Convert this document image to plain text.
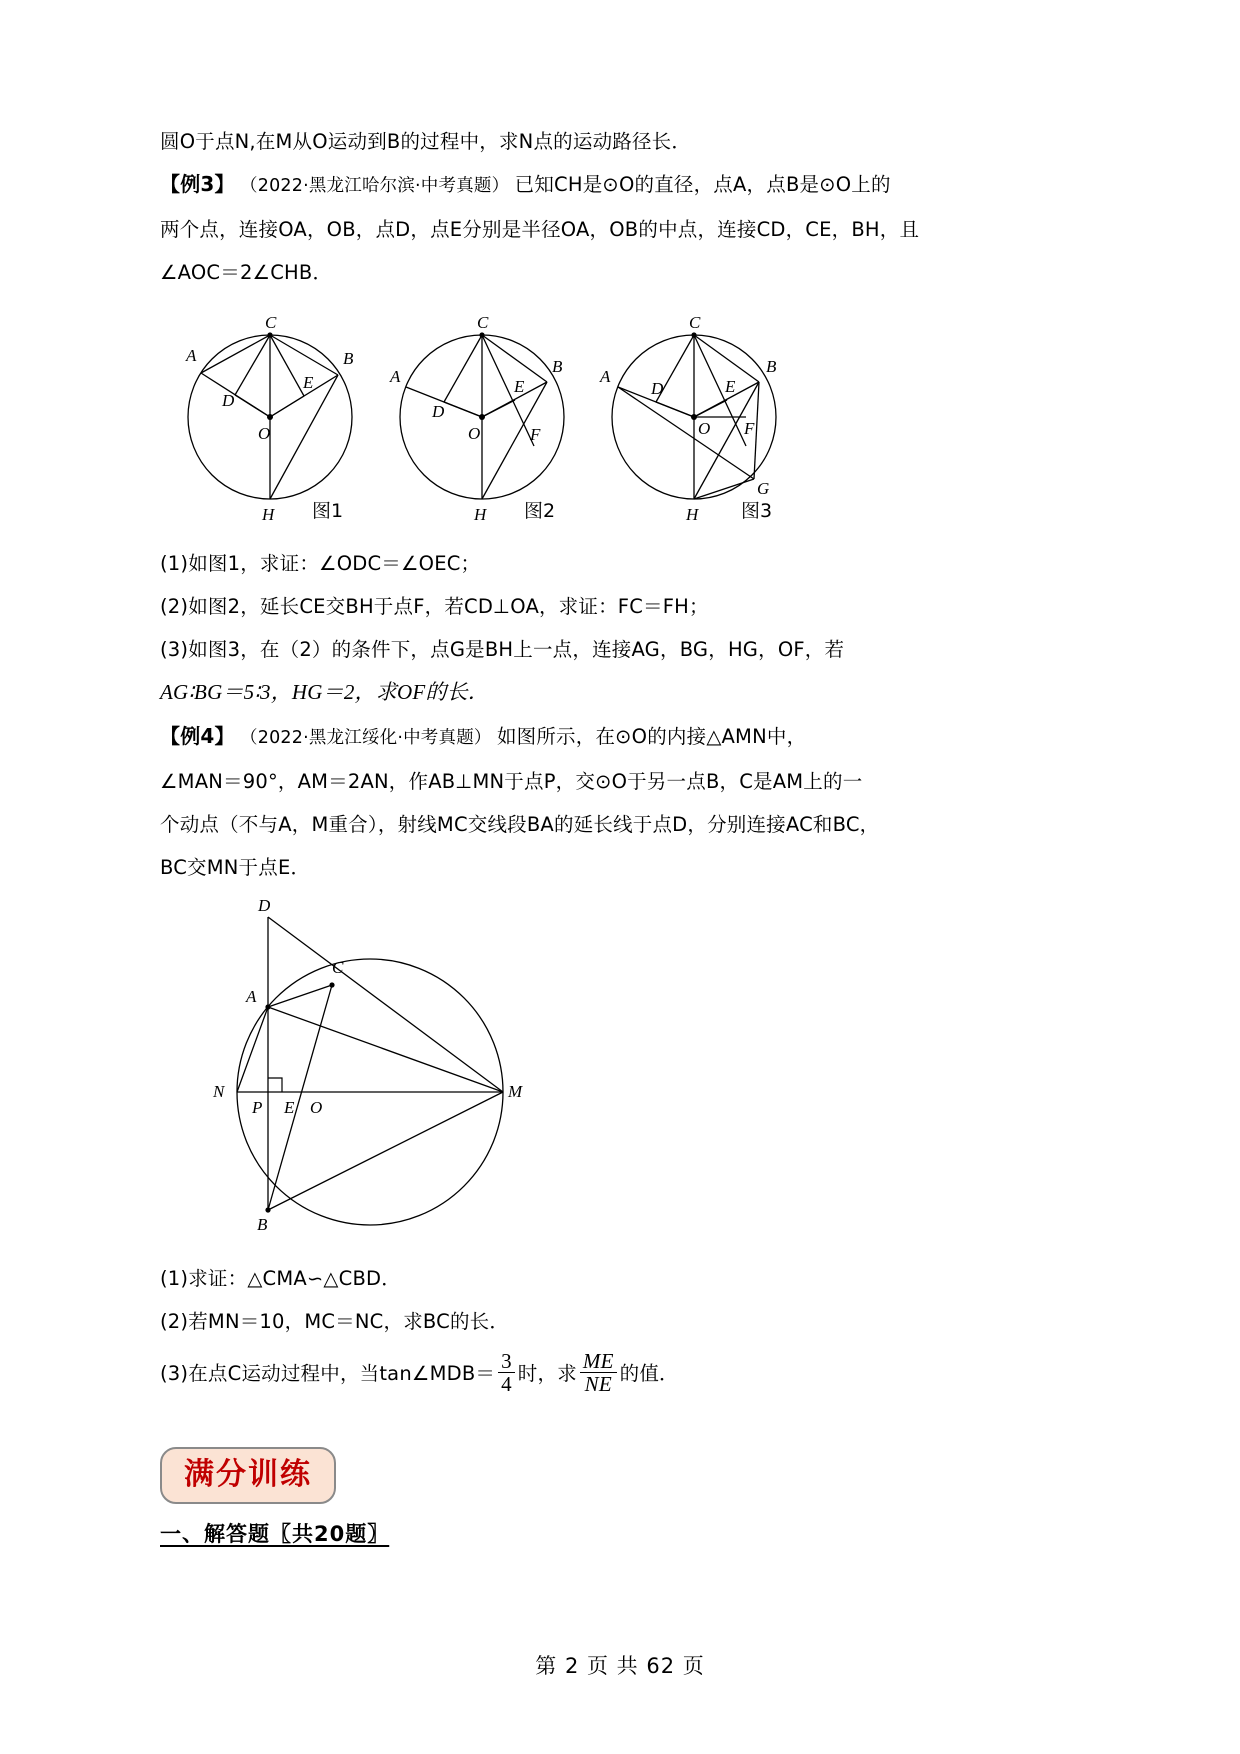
圆O于点N,在M从O运动到B的过程中，求N点的运动路径长．

【例3】 （2022·黑龙江哈尔滨·中考真题） 已知CH是⊙O的直径，点A，点B是⊙O上的

两个点，连接OA，OB，点D，点E分别是半径OA，OB的中点，连接CD，CE，BH，且

∠AOC＝2∠CHB．

C
A	B
D
E
O
H 图1
C
A
B
D
E
O	F
H 图2
C
A
B
D	E
O F
G
H 图3

(1)如图1，求证：∠ODC＝∠OEC；

(2)如图2，延长CE交BH于点F，若CD⊥OA，求证：FC＝FH；

(3)如图3，在（2）的条件下，点G是BH上一点，连接AG，BG，HG，OF，若

AG∶BG＝5∶3，HG＝2，求OF的长．

【例4】 （2022·黑龙江绥化·中考真题） 如图所示，在⊙O的内接△AMN中，

∠MAN＝90°，AM＝2AN，作AB⊥MN于点P，交⊙O于另一点B，C是AM上的一

个动点（不与A，M重合），射线MC交线段BA的延长线于点D，分别连接AC和BC，

BC交MN于点E．

D
C
A
N
P E O
M
B

(1)求证：△CMA∽△CBD．

(2)若MN＝10，MC＝NC，求BC的长．

(3)在点C运动过程中，当tan∠MDB＝ $\frac{3}{4}$ 时，求 $\frac{ME}{NE}$ 的值．

满分训练
一、解答题〖共20题〗
第 2 页 共 62 页
